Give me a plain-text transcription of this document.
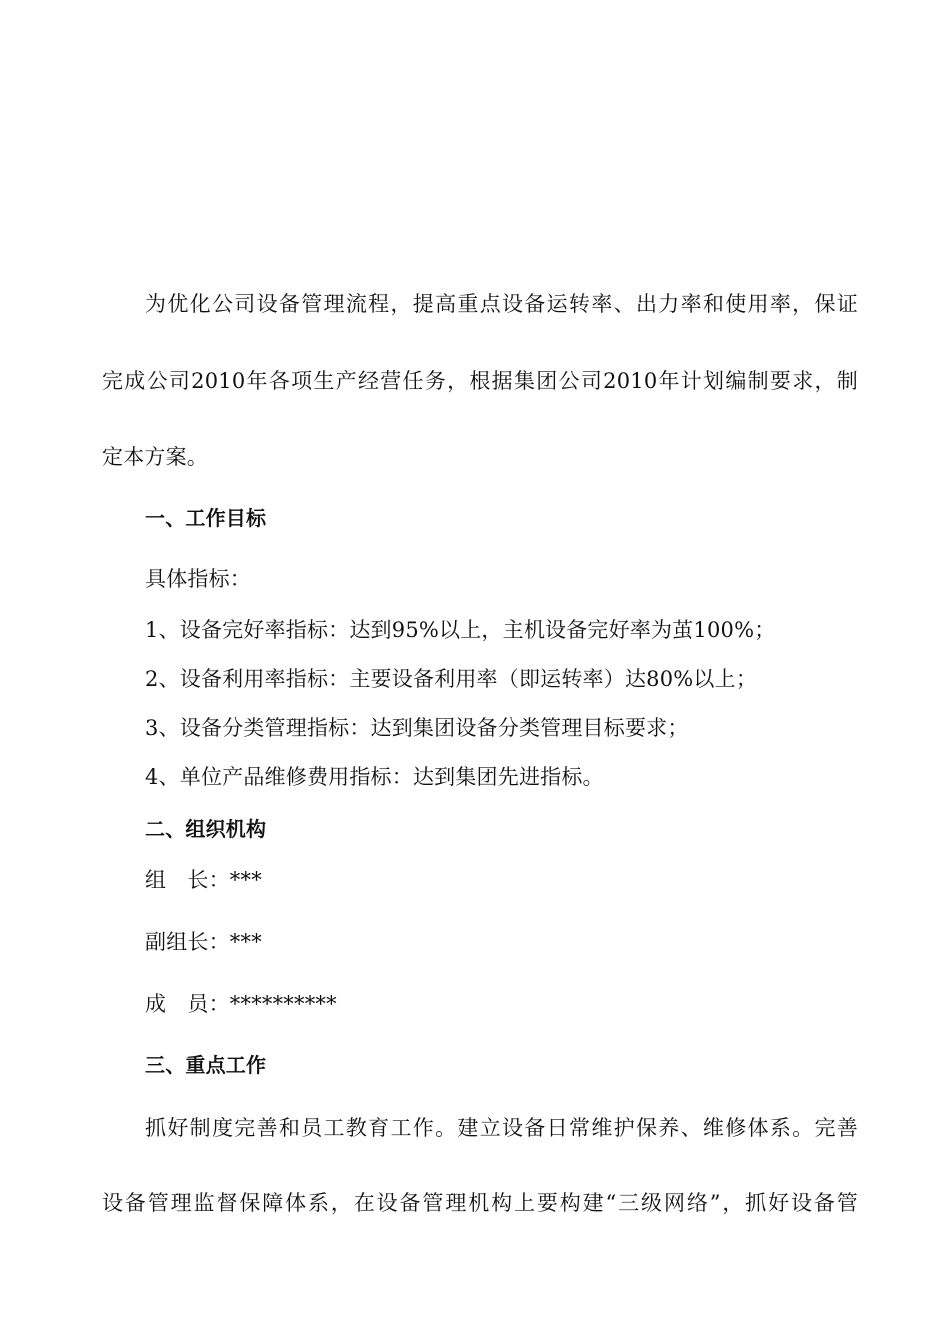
为优化公司设备管理流程，提高重点设备运转率、出力率和使用率，保证
完成公司2010年各项生产经营任务，根据集团公司2010年计划编制要求，制
定本方案。
一、工作目标
具体指标：
1、设备完好率指标：达到95%以上，主机设备完好率为茧100%；
2、设备利用率指标：主要设备利用率（即运转率）达80%以上；
3、设备分类管理指标：达到集团设备分类管理目标要求；
4、单位产品维修费用指标：达到集团先进指标。
二、组织机构
组　长：***
副组长：***
成　员：**********
三、重点工作
抓好制度完善和员工教育工作。建立设备日常维护保养、维修体系。完善
设备管理监督保障体系，在设备管理机构上要构建“三级网络”，抓好设备管
